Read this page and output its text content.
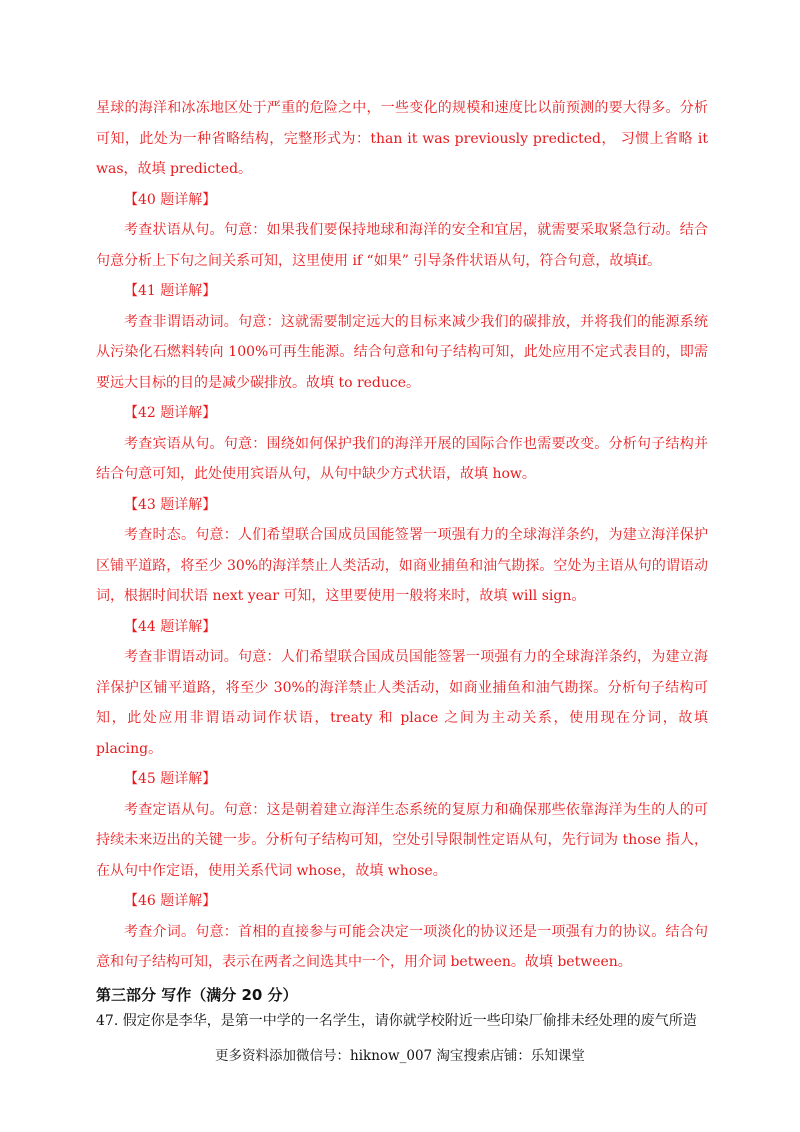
星球的海洋和冰冻地区处于严重的危险之中，一些变化的规模和速度比以前预测的要大得多。分析可知，此处为一种省略结构，完整形式为：than it was previously predicted， 习惯上省略 it was，故填 predicted。

【40 题详解】

考查状语从句。句意：如果我们要保持地球和海洋的安全和宜居，就需要采取紧急行动。结合句意分析上下句之间关系可知，这里使用 if “如果” 引导条件状语从句，符合句意，故填if。

【41 题详解】

考查非谓语动词。句意：这就需要制定远大的目标来减少我们的碳排放，并将我们的能源系统从污染化石燃料转向 100%可再生能源。结合句意和句子结构可知，此处应用不定式表目的，即需要远大目标的目的是减少碳排放。故填 to reduce。

【42 题详解】

考查宾语从句。句意：围绕如何保护我们的海洋开展的国际合作也需要改变。分析句子结构并结合句意可知，此处使用宾语从句，从句中缺少方式状语，故填 how。

【43 题详解】

考查时态。句意：人们希望联合国成员国能签署一项强有力的全球海洋条约，为建立海洋保护区铺平道路，将至少 30%的海洋禁止人类活动，如商业捕鱼和油气勘探。空处为主语从句的谓语动词，根据时间状语 next year 可知，这里要使用一般将来时，故填 will sign。

【44 题详解】

考查非谓语动词。句意：人们希望联合国成员国能签署一项强有力的全球海洋条约，为建立海洋保护区铺平道路，将至少 30%的海洋禁止人类活动，如商业捕鱼和油气勘探。分析句子结构可知，此处应用非谓语动词作状语，treaty 和 place 之间为主动关系，使用现在分词，故填 placing。

【45 题详解】

考查定语从句。句意：这是朝着建立海洋生态系统的复原力和确保那些依靠海洋为生的人的可持续未来迈出的关键一步。分析句子结构可知，空处引导限制性定语从句，先行词为 those 指人，在从句中作定语，使用关系代词 whose，故填 whose。

【46 题详解】

考查介词。句意：首相的直接参与可能会决定一项淡化的协议还是一项强有力的协议。结合句意和句子结构可知，表示在两者之间选其中一个，用介词 between。故填 between。

第三部分 写作（满分 20 分）
47. 假定你是李华，是第一中学的一名学生，请你就学校附近一些印染厂偷排未经处理的废气所造
更多资料添加微信号：hiknow_007 淘宝搜索店铺：乐知课堂
